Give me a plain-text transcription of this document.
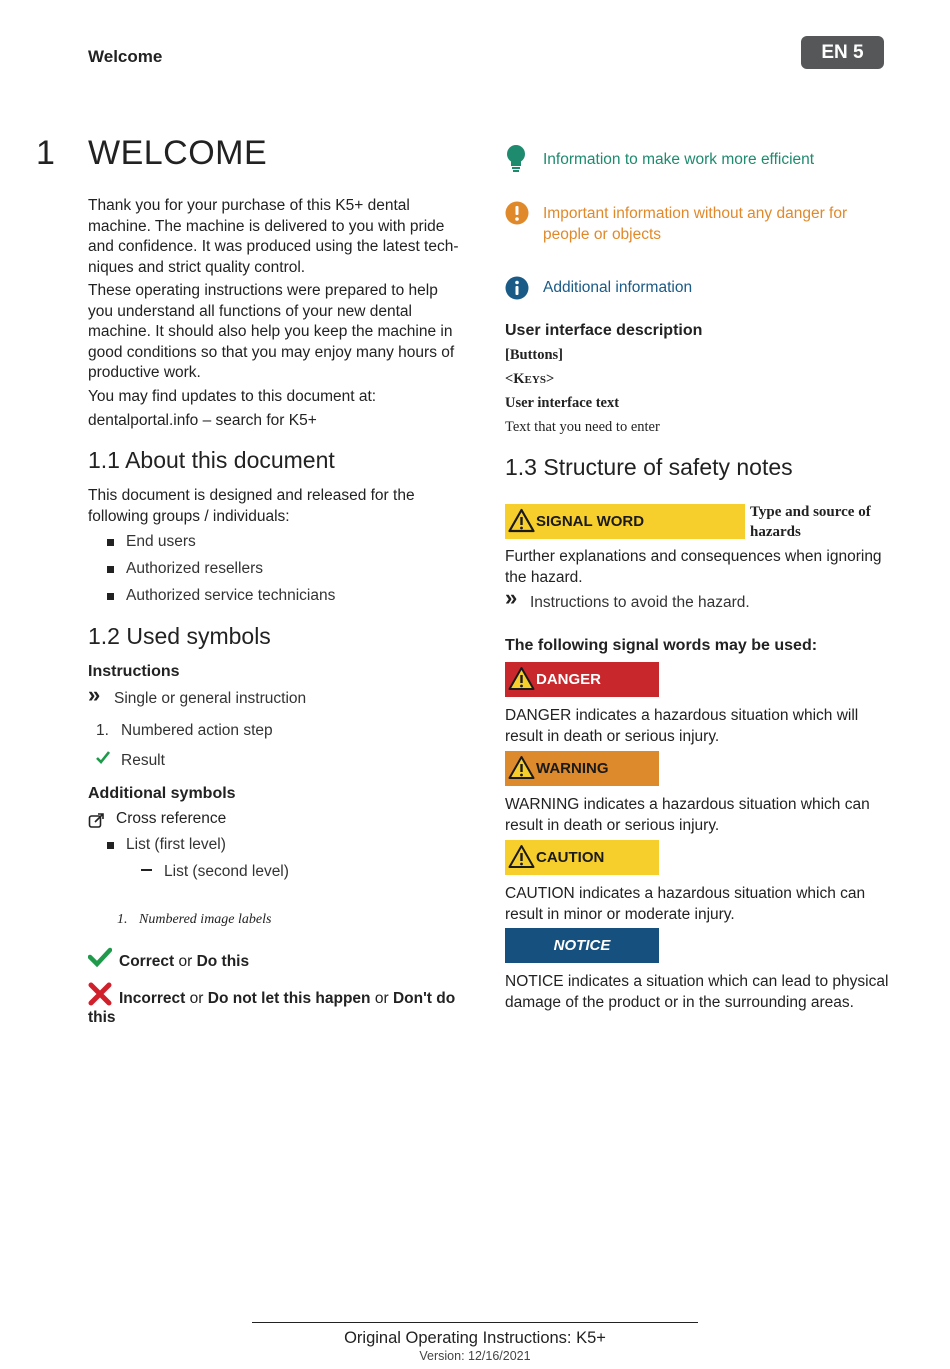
Welcome	EN 5
1 WELCOME
Thank you for your purchase of this K5+ dental machine. The machine is delivered to you with pride and confidence. It was produced using the latest tech-niques and strict quality control.
These operating instructions were prepared to help you understand all functions of your new dental machine. It should also help you keep the machine in good conditions so that you may enjoy many hours of productive work.
You may find updates to this document at:
dentalportal.info – search for K5+
1.1 About this document
This document is designed and released for the following groups / individuals:
End users
Authorized resellers
Authorized service technicians
1.2 Used symbols
Instructions
» Single or general instruction
1. Numbered action step
Result
Additional symbols
Cross reference
List (first level)
List (second level)
1. Numbered image labels
Correct or Do this
Incorrect or Do not let this happen or Don't do
this
Information to make work more efficient
Important information without any danger for people or objects
Additional information
User interface description
[Buttons]
<KEYS>
User interface text
Text that you need to enter
1.3 Structure of safety notes
SIGNAL WORD
Type and source of hazards
Further explanations and consequences when ignoring the hazard.
» Instructions to avoid the hazard.
The following signal words may be used:
DANGER
DANGER indicates a hazardous situation which will result in death or serious injury.
WARNING
WARNING indicates a hazardous situation which can result in death or serious injury.
CAUTION
CAUTION indicates a hazardous situation which can result in minor or moderate injury.
NOTICE
NOTICE indicates a situation which can lead to physical damage of the product or in the surrounding areas.
Original Operating Instructions: K5+
Version: 12/16/2021
